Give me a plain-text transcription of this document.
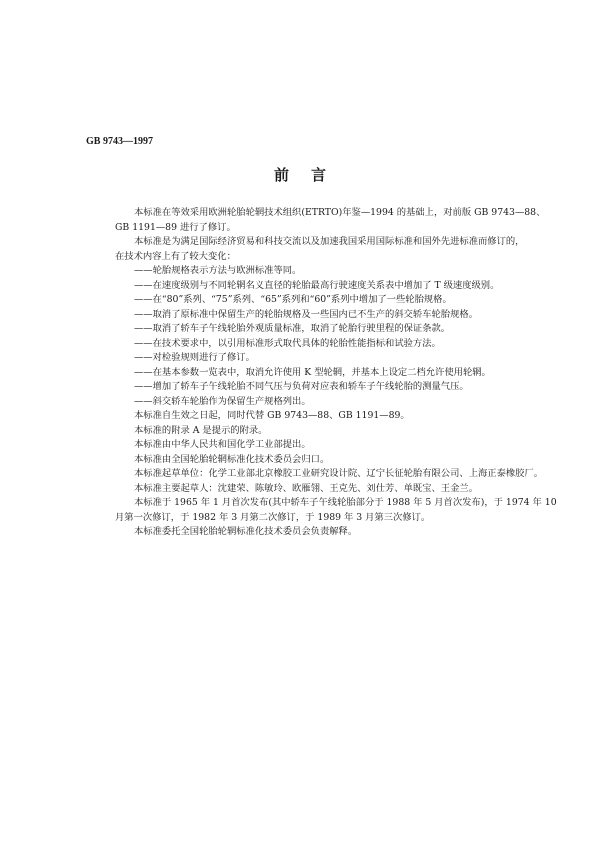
GB 9743—1997
前言
本标准在等效采用欧洲轮胎轮辋技术组织(ETRTO)年鉴—1994 的基础上，对前版 GB 9743—88、
GB 1191—89 进行了修订。
本标准是为满足国际经济贸易和科技交流以及加速我国采用国际标准和国外先进标准而修订的，
在技术内容上有了较大变化：
——轮胎规格表示方法与欧洲标准等同。
——在速度级别与不同轮辋名义直径的轮胎最高行驶速度关系表中增加了 T 级速度级别。
——在“80”系列、“75”系列、“65”系列和“60”系列中增加了一些轮胎规格。
——取消了原标准中保留生产的轮胎规格及一些国内已不生产的斜交轿车轮胎规格。
——取消了轿车子午线轮胎外观质量标准，取消了轮胎行驶里程的保证条款。
——在技术要求中，以引用标准形式取代具体的轮胎性能指标和试验方法。
——对检验规则进行了修订。
——在基本参数一览表中，取消允许使用 K 型轮辋，并基本上设定二档允许使用轮辋。
——增加了轿车子午线轮胎不同气压与负荷对应表和轿车子午线轮胎的测量气压。
——斜交轿车轮胎作为保留生产规格列出。
本标准自生效之日起，同时代替 GB 9743—88、GB 1191—89。
本标准的附录 A 是提示的附录。
本标准由中华人民共和国化学工业部提出。
本标准由全国轮胎轮辋标准化技术委员会归口。
本标准起草单位：化学工业部北京橡胶工业研究设计院、辽宁长征轮胎有限公司、上海正泰橡胶厂。
本标准主要起草人：沈建荣、陈敏玲、欧雁翎、王克先、刘仕芳、单既宝、王金兰。
本标准于 1965 年 1 月首次发布(其中轿车子午线轮胎部分于 1988 年 5 月首次发布)，于 1974 年 10
月第一次修订，于 1982 年 3 月第二次修订，于 1989 年 3 月第三次修订。
本标准委托全国轮胎轮辋标准化技术委员会负责解释。
